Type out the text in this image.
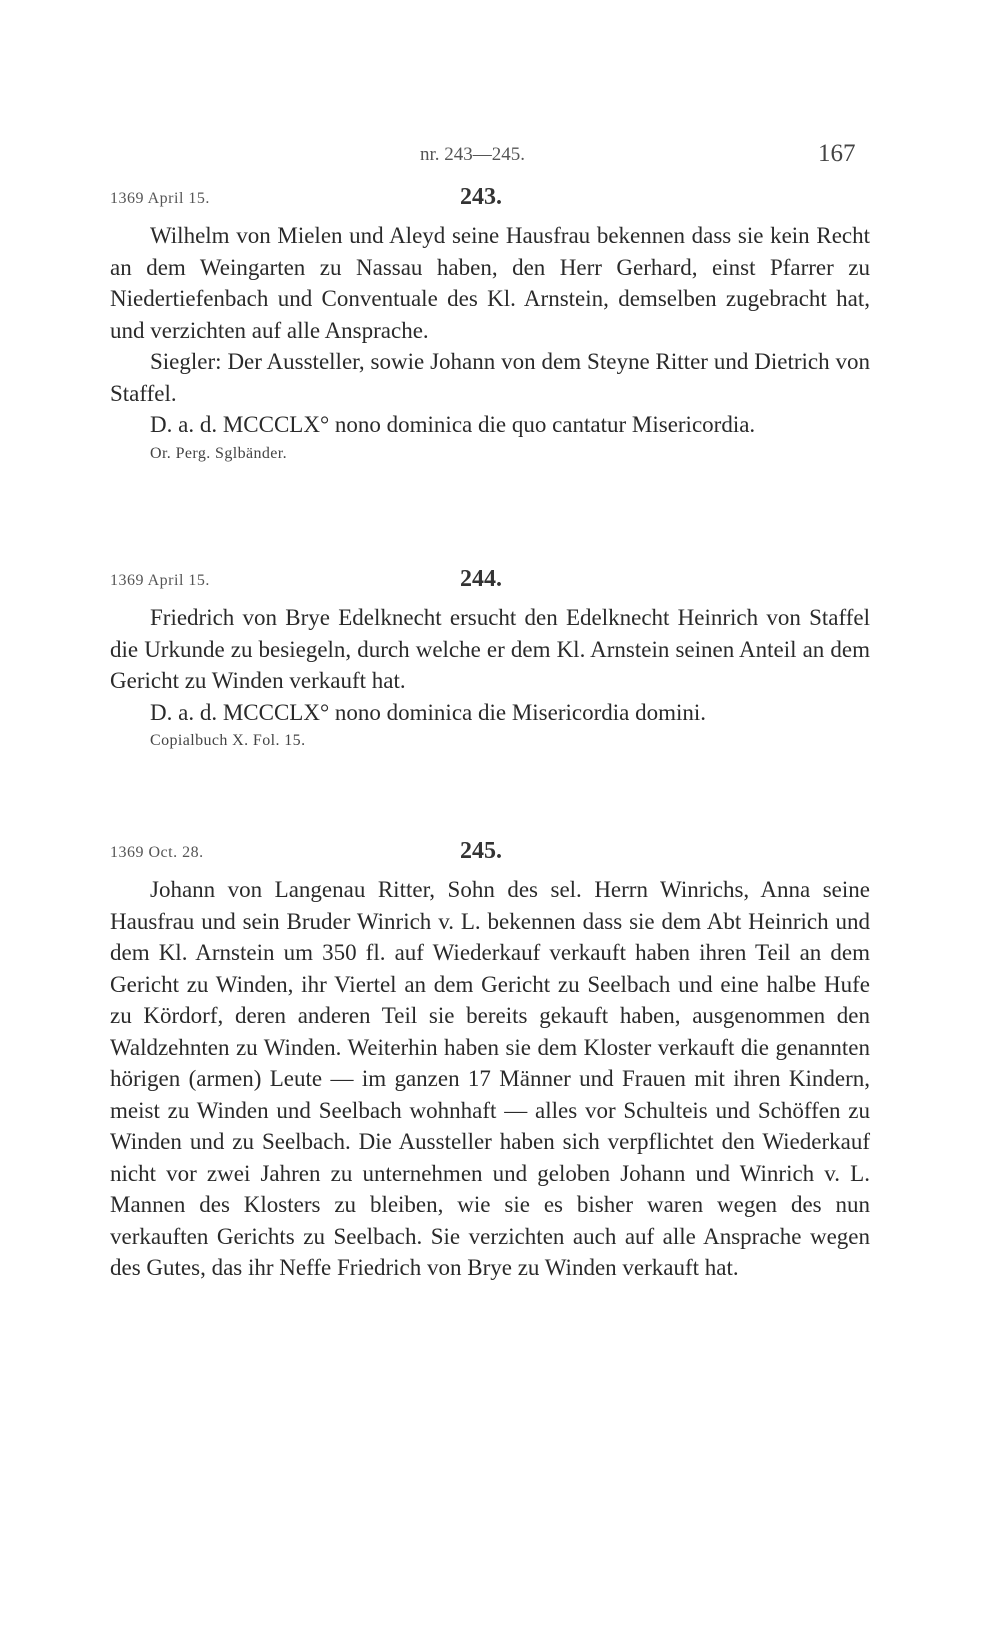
nr. 243—245.	167
1369 April 15.	243.

Wilhelm von Mielen und Aleyd seine Hausfrau bekennen dass sie kein Recht an dem Weingarten zu Nassau haben, den Herr Gerhard, einst Pfarrer zu Niedertiefenbach und Conventuale des Kl. Arnstein, demselben zugebracht hat, und verzichten auf alle Ansprache.

Siegler: Der Aussteller, sowie Johann von dem Steyne Ritter und Dietrich von Staffel.

D. a. d. MCCCLX° nono dominica die quo cantatur Misericordia.

Or. Perg. Sglbänder.

1369 April 15.	244.

Friedrich von Brye Edelknecht ersucht den Edelknecht Heinrich von Staffel die Urkunde zu besiegeln, durch welche er dem Kl. Arnstein seinen Anteil an dem Gericht zu Winden verkauft hat.

D. a. d. MCCCLX° nono dominica die Misericordia domini.

Copialbuch X. Fol. 15.

1369 Oct. 28.	245.

Johann von Langenau Ritter, Sohn des sel. Herrn Winrichs, Anna seine Hausfrau und sein Bruder Winrich v. L. bekennen dass sie dem Abt Heinrich und dem Kl. Arnstein um 350 fl. auf Wiederkauf verkauft haben ihren Teil an dem Gericht zu Winden, ihr Viertel an dem Gericht zu Seelbach und eine halbe Hufe zu Kördorf, deren anderen Teil sie bereits gekauft haben, ausgenommen den Waldzehnten zu Winden. Weiterhin haben sie dem Kloster verkauft die genannten hörigen (armen) Leute — im ganzen 17 Männer und Frauen mit ihren Kindern, meist zu Winden und Seelbach wohnhaft — alles vor Schulteis und Schöffen zu Winden und zu Seelbach. Die Aussteller haben sich verpflichtet den Wiederkauf nicht vor zwei Jahren zu unternehmen und geloben Johann und Winrich v. L. Mannen des Klosters zu bleiben, wie sie es bisher waren wegen des nun verkauften Gerichts zu Seelbach. Sie verzichten auch auf alle Ansprache wegen des Gutes, das ihr Neffe Friedrich von Brye zu Winden verkauft hat.
